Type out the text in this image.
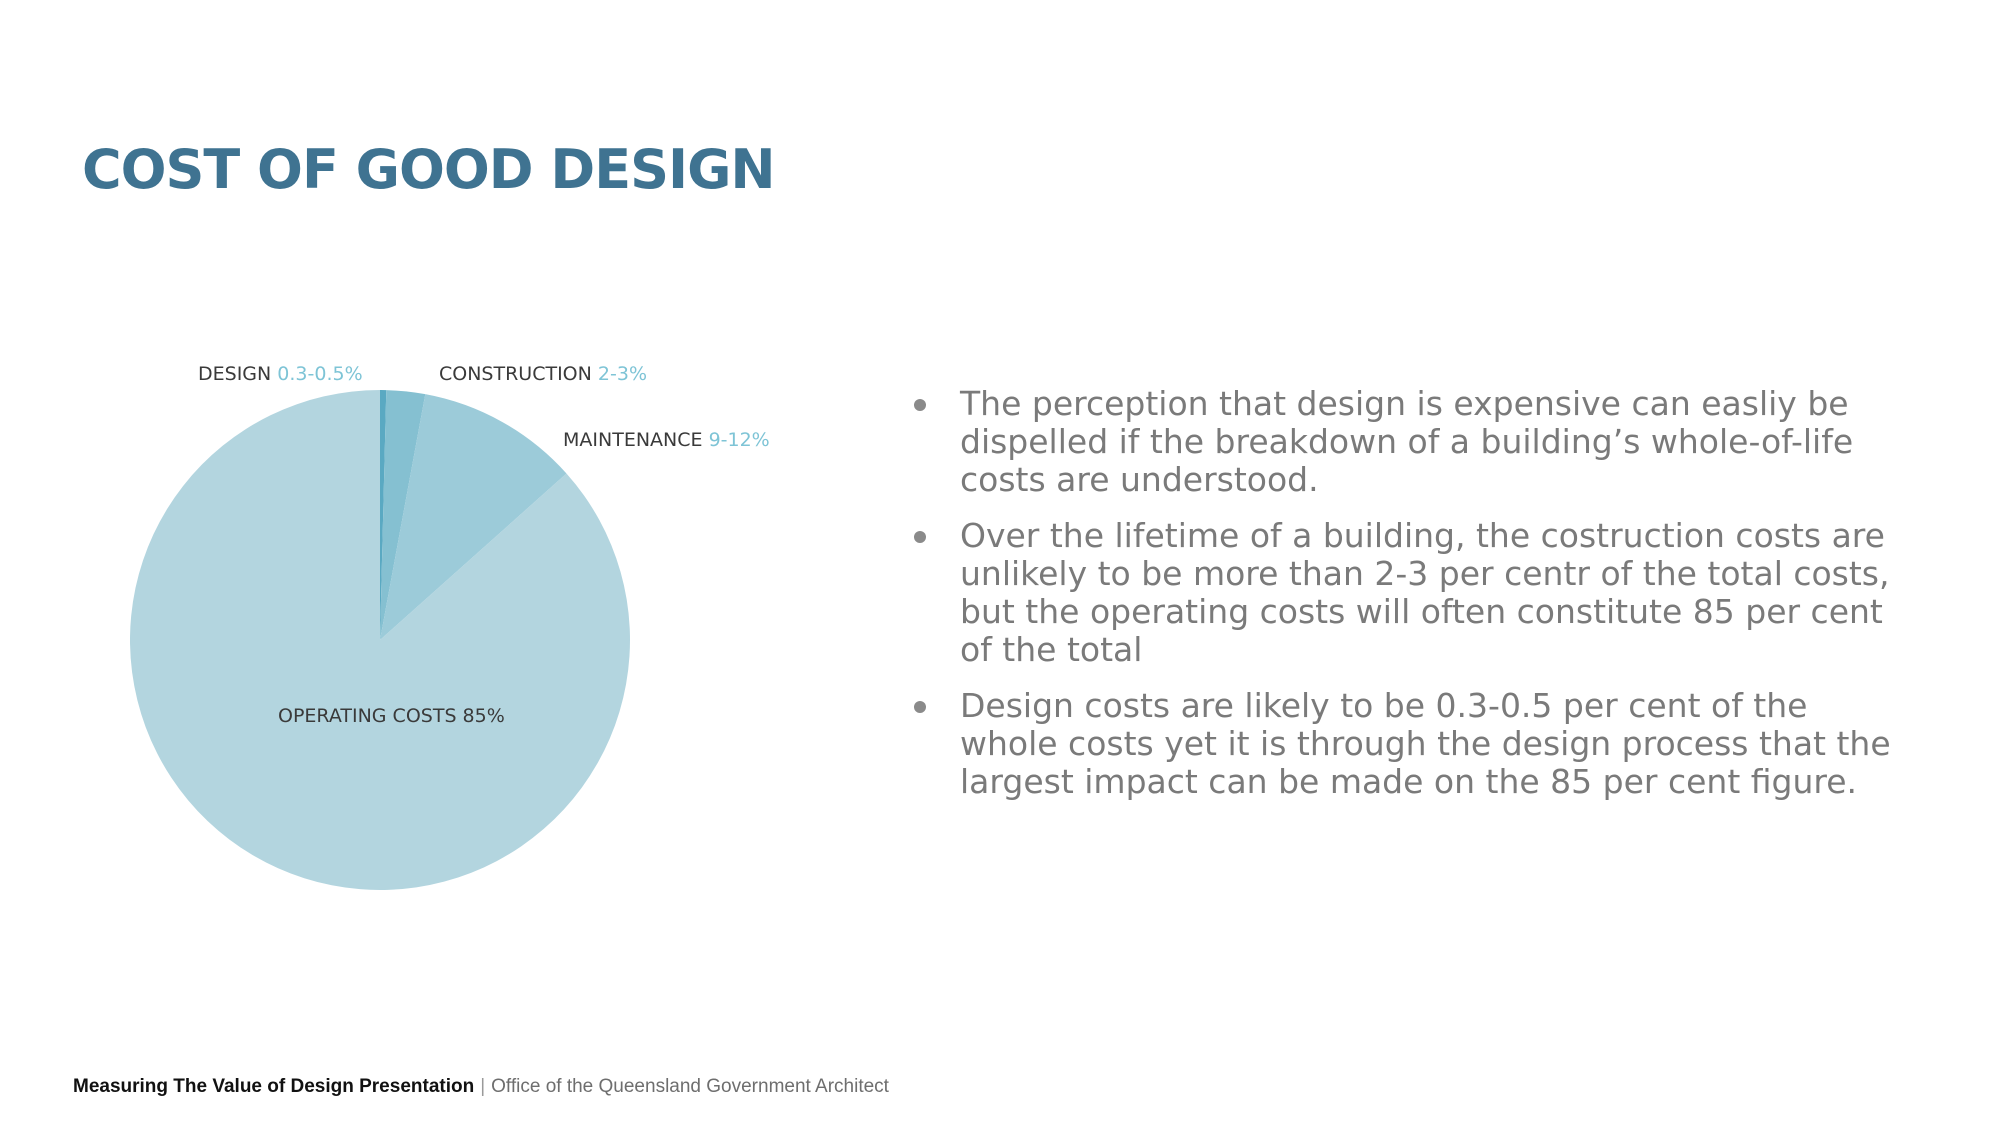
COST OF GOOD DESIGN
DESIGN 0.3-0.5%	CONSTRUCTION 2-3%
MAINTENANCE 9-12%
OPERATING COSTS 85%
The perception that design is expensive can easliy be dispelled if the breakdown of a building’s whole-of-life costs are understood.
Over the lifetime of a building, the costruction costs are unlikely to be more than 2-3 per centr of the total costs, but the operating costs will often constitute 85 per cent of the total
Design costs are likely to be 0.3-0.5 per cent of the whole costs yet it is through the design process that the largest impact can be made on the 85 per cent figure.
Measuring The Value of Design Presentation | Office of the Queensland Government Architect
